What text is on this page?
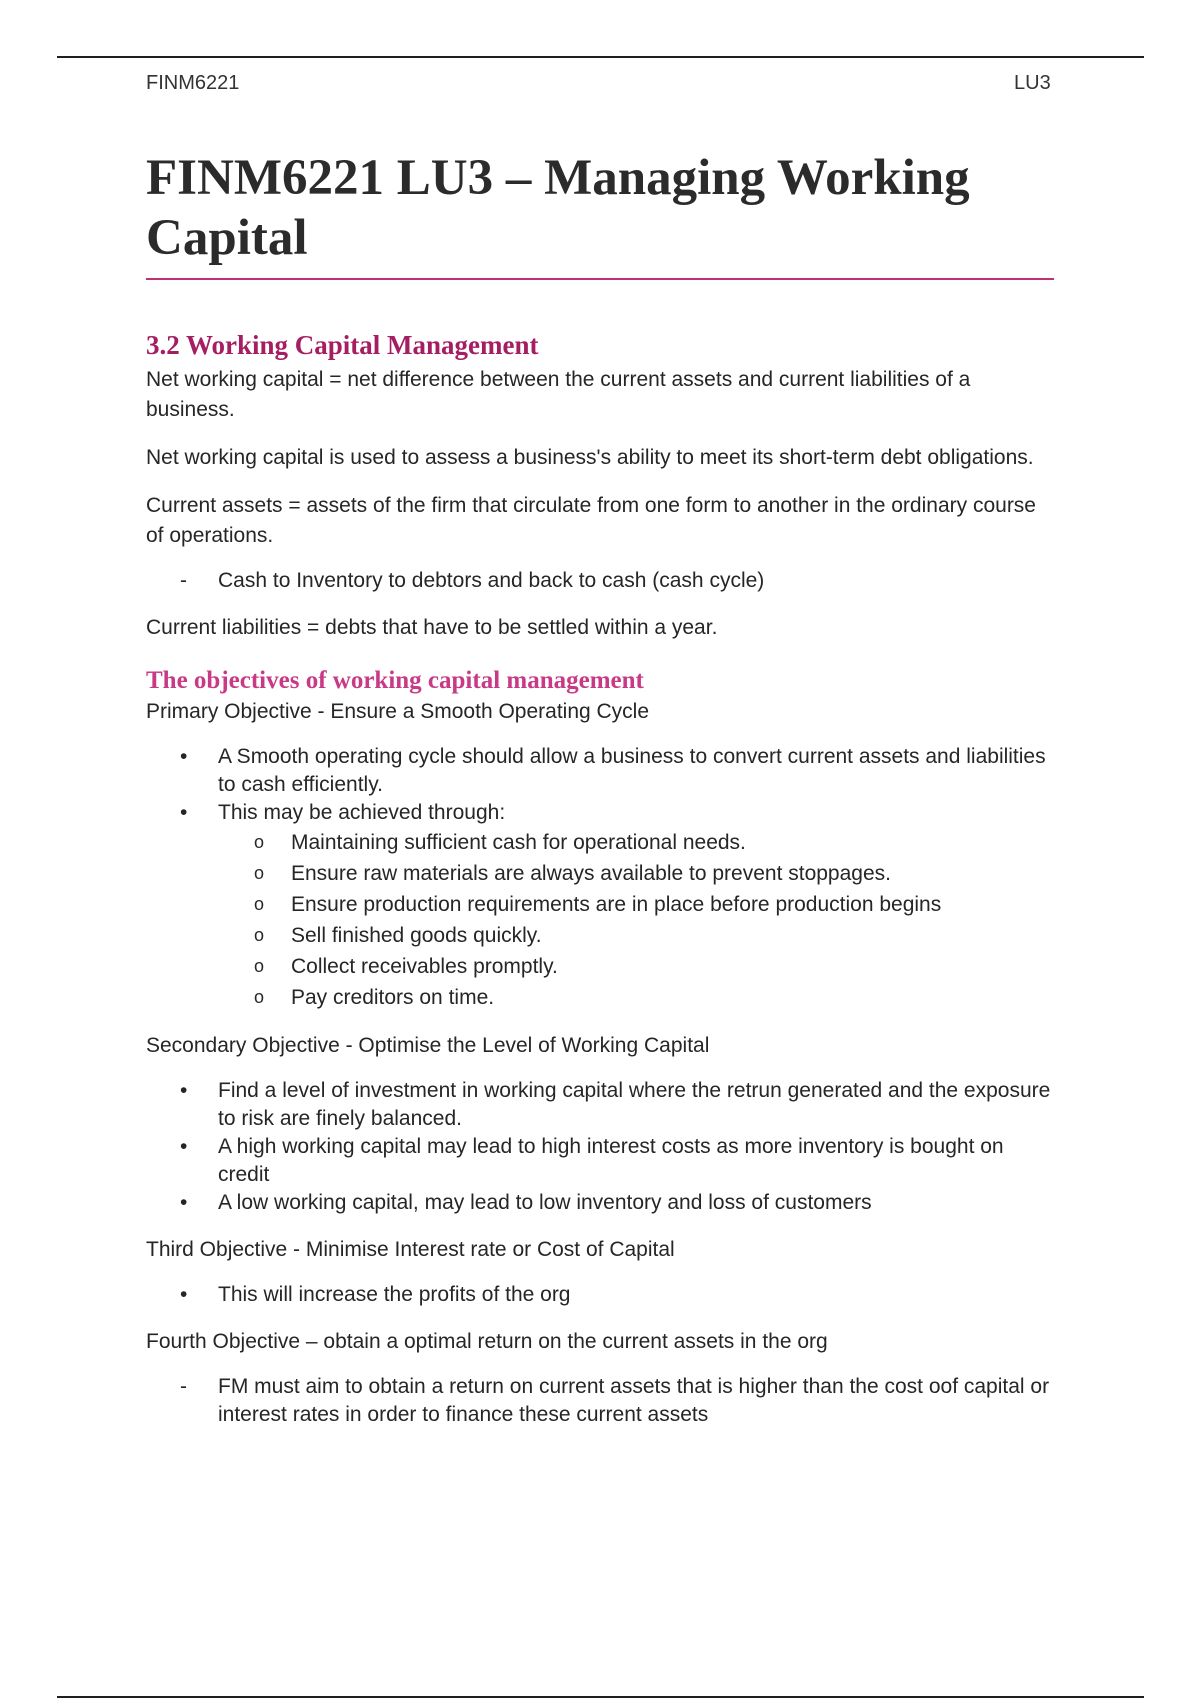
FINM6221	LU3
FINM6221 LU3 – Managing Working Capital
3.2 Working Capital Management

Net working capital = net difference between the current assets and current liabilities of a business.

Net working capital is used to assess a business's ability to meet its short-term debt obligations.

Current assets = assets of the firm that circulate from one form to another in the ordinary course of operations.

- Cash to Inventory to debtors and back to cash (cash cycle)

Current liabilities = debts that have to be settled within a year.

The objectives of working capital management

Primary Objective - Ensure a Smooth Operating Cycle

• A Smooth operating cycle should allow a business to convert current assets and liabilities to cash efficiently.
• This may be achieved through:
o Maintaining sufficient cash for operational needs.
o Ensure raw materials are always available to prevent stoppages.
o Ensure production requirements are in place before production begins
o Sell finished goods quickly.
o Collect receivables promptly.
o Pay creditors on time.

Secondary Objective - Optimise the Level of Working Capital

• Find a level of investment in working capital where the retrun generated and the exposure to risk are finely balanced.
• A high working capital may lead to high interest costs as more inventory is bought on credit
• A low working capital, may lead to low inventory and loss of customers

Third Objective - Minimise Interest rate or Cost of Capital

• This will increase the profits of the org

Fourth Objective – obtain a optimal return on the current assets in the org

- FM must aim to obtain a return on current assets that is higher than the cost oof capital or interest rates in order to finance these current assets
